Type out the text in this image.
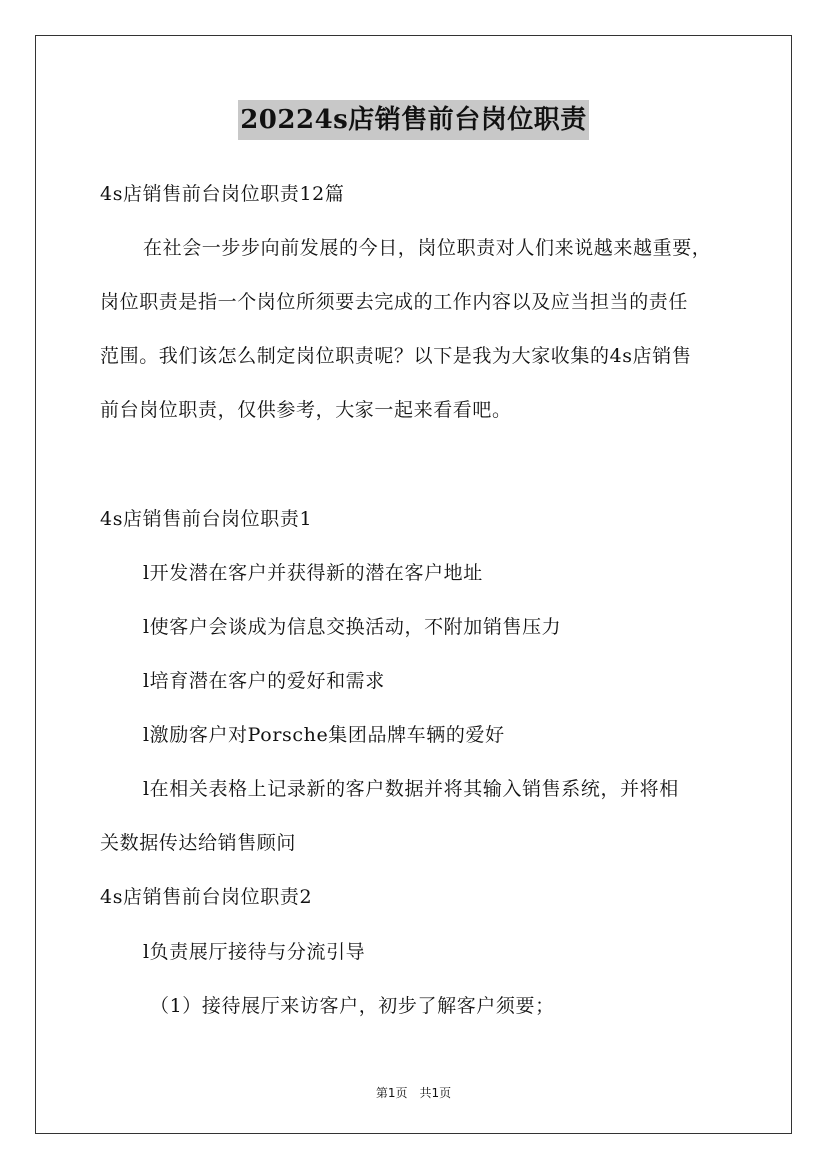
20224s店销售前台岗位职责
4s店销售前台岗位职责12篇
在社会一步步向前发展的今日，岗位职责对人们来说越来越重要，
岗位职责是指一个岗位所须要去完成的工作内容以及应当担当的责任
范围。我们该怎么制定岗位职责呢？以下是我为大家收集的4s店销售
前台岗位职责，仅供参考，大家一起来看看吧。
4s店销售前台岗位职责1
l开发潜在客户并获得新的潜在客户地址
l使客户会谈成为信息交换活动，不附加销售压力
l培育潜在客户的爱好和需求
l激励客户对Porsche集团品牌车辆的爱好
l在相关表格上记录新的客户数据并将其输入销售系统，并将相
关数据传达给销售顾问
4s店销售前台岗位职责2
l负责展厅接待与分流引导
（1）接待展厅来访客户，初步了解客户须要；
第1页 共1页
